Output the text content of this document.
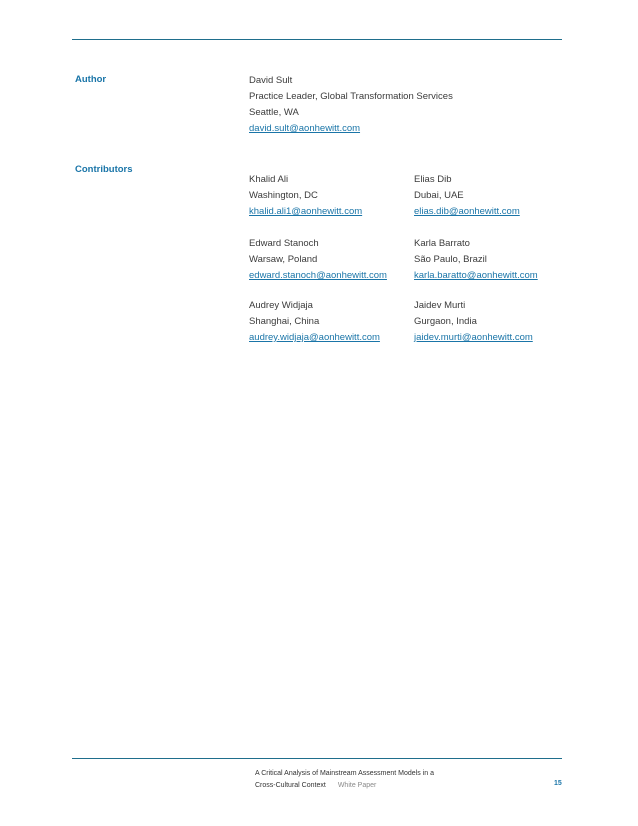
Author	David Sult
Practice Leader, Global Transformation Services
Seattle, WA
david.sult@aonhewitt.com
Contributors
Khalid Ali
Washington, DC
khalid.ali1@aonhewitt.com
Elias Dib
Dubai, UAE
elias.dib@aonhewitt.com
Edward Stanoch
Warsaw, Poland
edward.stanoch@aonhewitt.com
Karla Barrato
São Paulo, Brazil
karla.baratto@aonhewitt.com
Audrey Widjaja
Shanghai, China
audrey.widjaja@aonhewitt.com
Jaidev Murti
Gurgaon, India
jaidev.murti@aonhewitt.com
A Critical Analysis of Mainstream Assessment Models in a
Cross-Cultural Context White Paper	15
